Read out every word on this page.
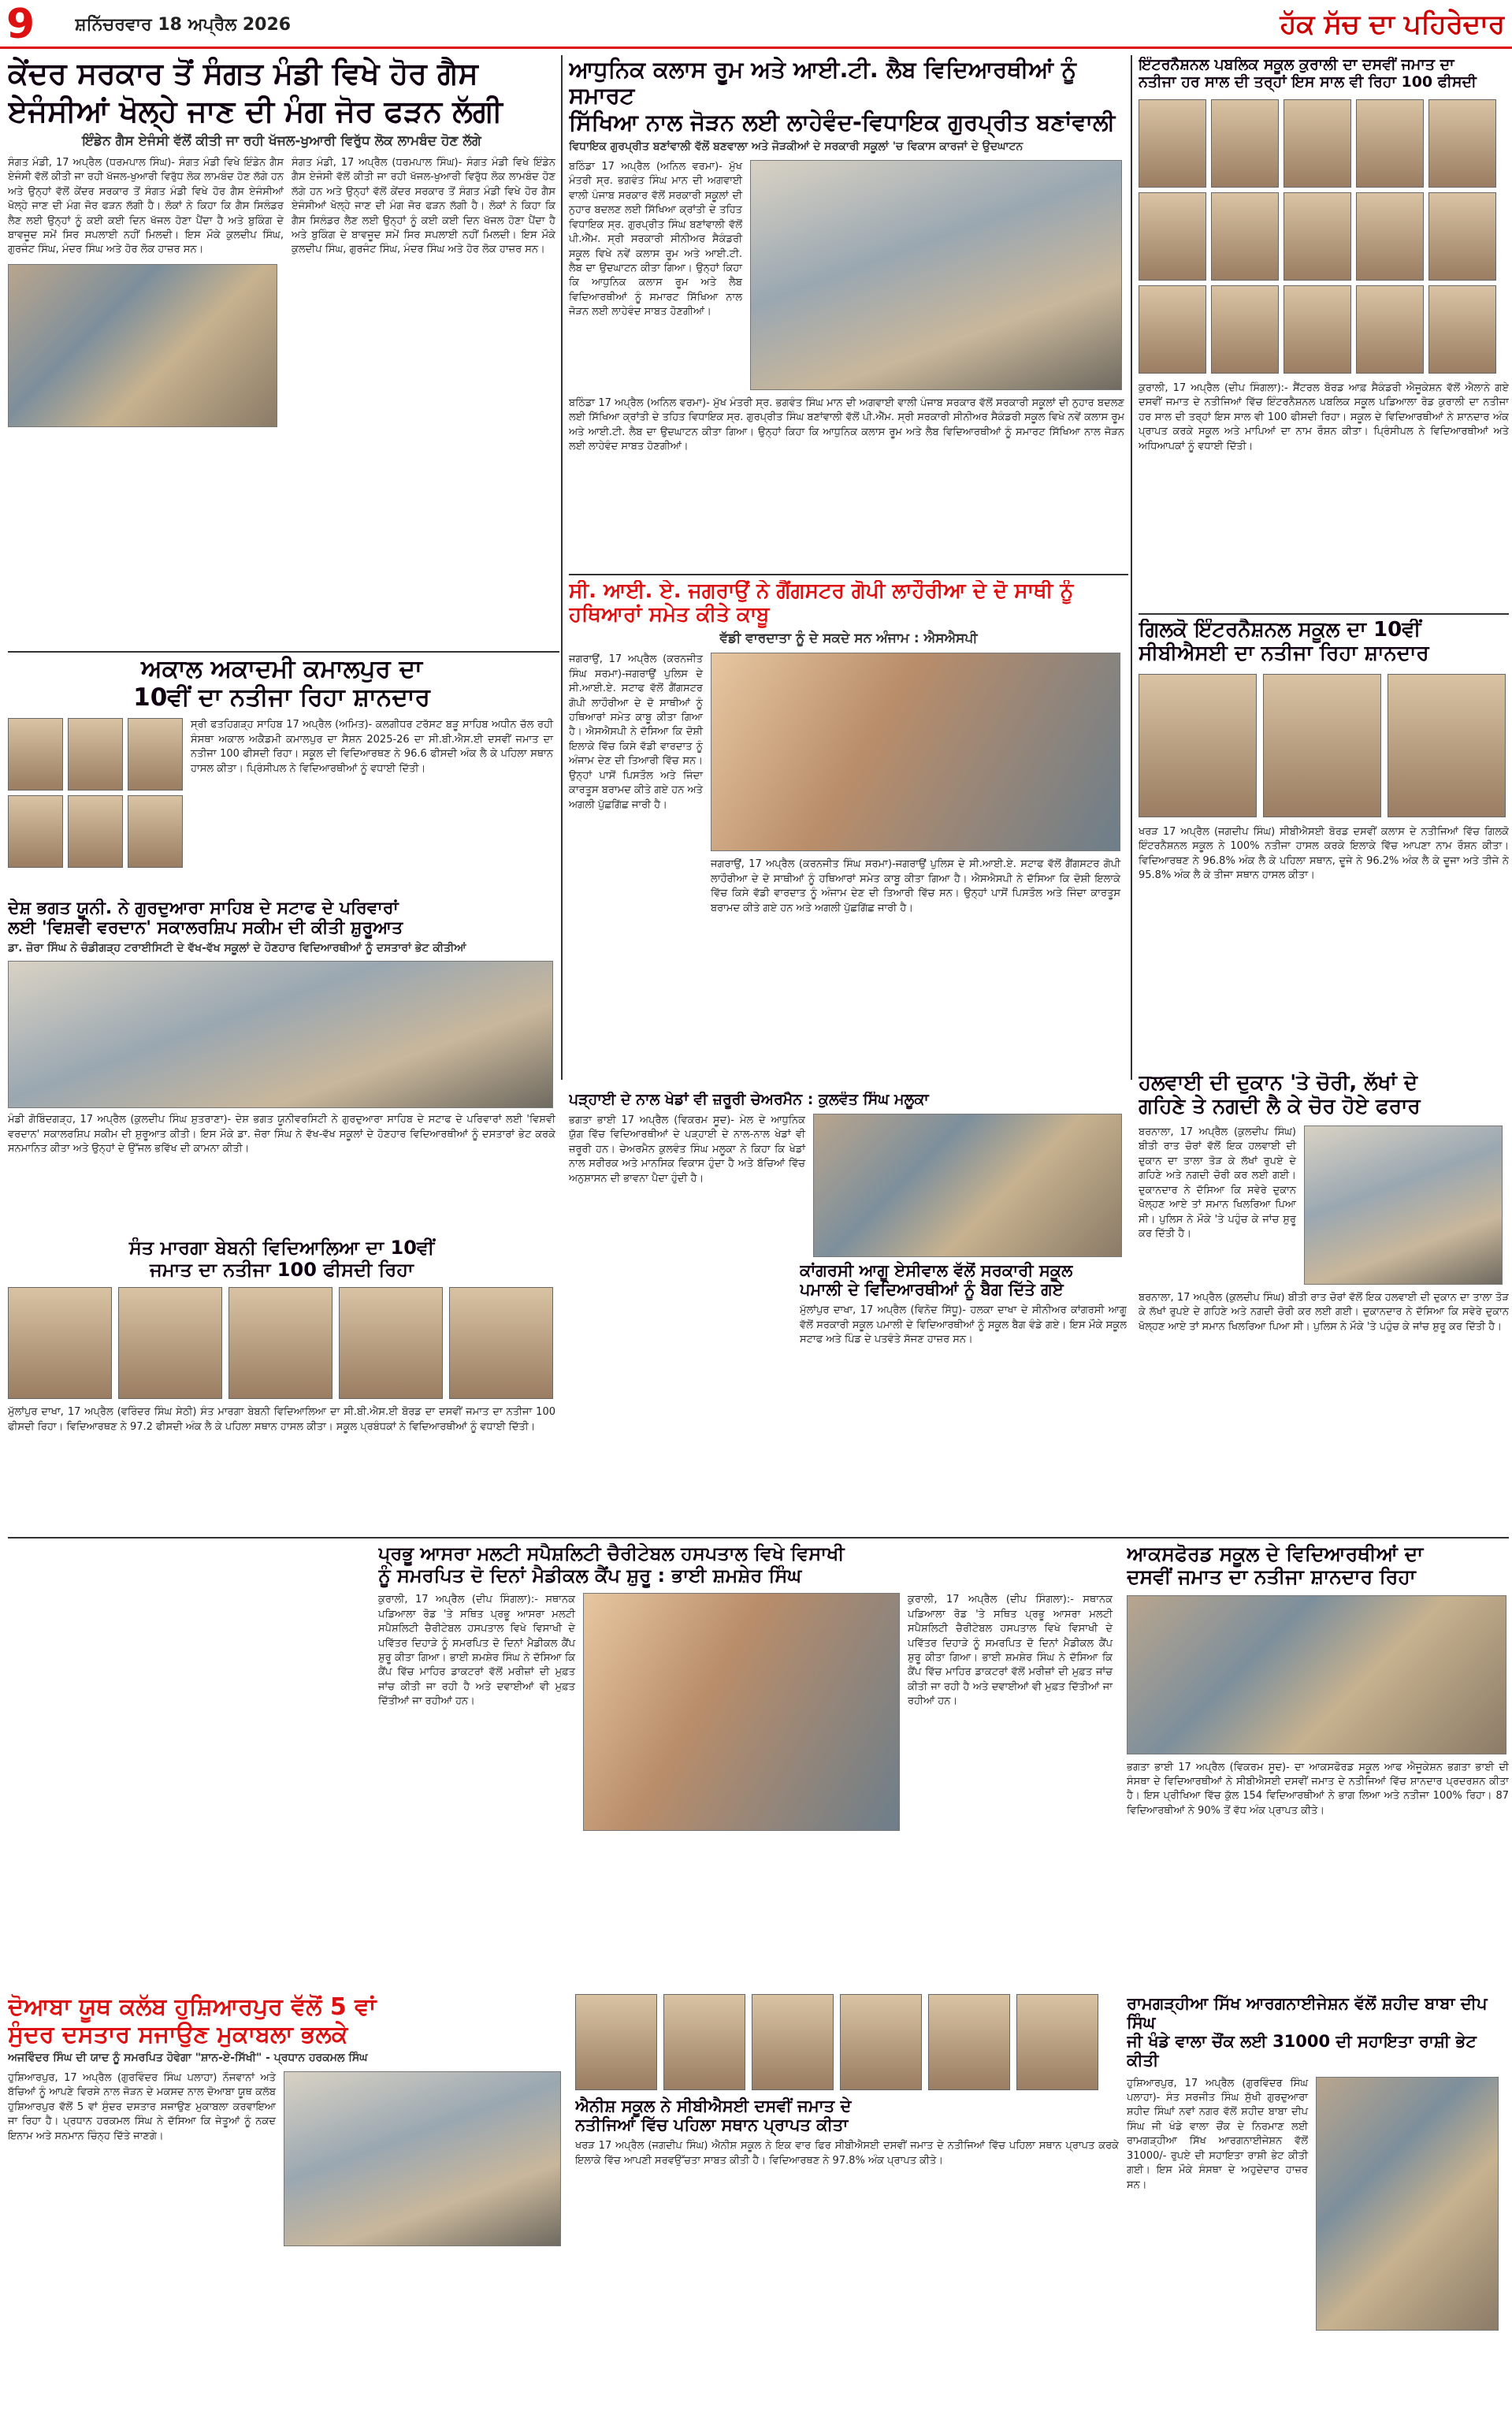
9	ਸ਼ਨਿੱਚਰਵਾਰ 18 ਅਪ੍ਰੈਲ 2026	ਹੱਕ ਸੱਚ ਦਾ ਪਹਿਰੇਦਾਰ
ਕੇਂਦਰ ਸਰਕਾਰ ਤੋਂ ਸੰਗਤ ਮੰਡੀ ਵਿਖੇ ਹੋਰ ਗੈਸ
ਏਜੰਸੀਆਂ ਖੋਲ੍ਹੇ ਜਾਣ ਦੀ ਮੰਗ ਜੋਰ ਫੜਨ ਲੱਗੀ
ਇੰਡੇਨ ਗੈਸ ਏਜੰਸੀ ਵੱਲੋਂ ਕੀਤੀ ਜਾ ਰਹੀ ਖੱਜਲ-ਖੁਆਰੀ ਵਿਰੁੱਧ ਲੋਕ ਲਾਮਬੰਦ ਹੋਣ ਲੱਗੇ
ਸੰਗਤ ਮੰਡੀ, 17 ਅਪ੍ਰੈਲ (ਧਰਮਪਾਲ ਸਿੰਘ)- ਸੰਗਤ ਮੰਡੀ ਵਿਖੇ ਇੰਡੇਨ ਗੈਸ ਏਜੰਸੀ ਵੱਲੋਂ ਕੀਤੀ ਜਾ ਰਹੀ ਖੱਜਲ-ਖੁਆਰੀ ਵਿਰੁੱਧ ਲੋਕ ਲਾਮਬੰਦ ਹੋਣ ਲੱਗੇ ਹਨ ਅਤੇ ਉਨ੍ਹਾਂ ਵੱਲੋਂ ਕੇਂਦਰ ਸਰਕਾਰ ਤੋਂ ਸੰਗਤ ਮੰਡੀ ਵਿਖੇ ਹੋਰ ਗੈਸ ਏਜੰਸੀਆਂ ਖੋਲ੍ਹੇ ਜਾਣ ਦੀ ਮੰਗ ਜੋਰ ਫੜਨ ਲੱਗੀ ਹੈ। ਲੋਕਾਂ ਨੇ ਕਿਹਾ ਕਿ ਗੈਸ ਸਿਲੰਡਰ ਲੈਣ ਲਈ ਉਨ੍ਹਾਂ ਨੂੰ ਕਈ ਕਈ ਦਿਨ ਖੱਜਲ ਹੋਣਾ ਪੈਂਦਾ ਹੈ ਅਤੇ ਬੁਕਿੰਗ ਦੇ ਬਾਵਜੂਦ ਸਮੇਂ ਸਿਰ ਸਪਲਾਈ ਨਹੀਂ ਮਿਲਦੀ। ਇਸ ਮੌਕੇ ਕੁਲਦੀਪ ਸਿੰਘ, ਗੁਰਜੰਟ ਸਿੰਘ, ਮੰਦਰ ਸਿੰਘ ਅਤੇ ਹੋਰ ਲੋਕ ਹਾਜ਼ਰ ਸਨ।
ਸੰਗਤ ਮੰਡੀ, 17 ਅਪ੍ਰੈਲ (ਧਰਮਪਾਲ ਸਿੰਘ)- ਸੰਗਤ ਮੰਡੀ ਵਿਖੇ ਇੰਡੇਨ ਗੈਸ ਏਜੰਸੀ ਵੱਲੋਂ ਕੀਤੀ ਜਾ ਰਹੀ ਖੱਜਲ-ਖੁਆਰੀ ਵਿਰੁੱਧ ਲੋਕ ਲਾਮਬੰਦ ਹੋਣ ਲੱਗੇ ਹਨ ਅਤੇ ਉਨ੍ਹਾਂ ਵੱਲੋਂ ਕੇਂਦਰ ਸਰਕਾਰ ਤੋਂ ਸੰਗਤ ਮੰਡੀ ਵਿਖੇ ਹੋਰ ਗੈਸ ਏਜੰਸੀਆਂ ਖੋਲ੍ਹੇ ਜਾਣ ਦੀ ਮੰਗ ਜੋਰ ਫੜਨ ਲੱਗੀ ਹੈ। ਲੋਕਾਂ ਨੇ ਕਿਹਾ ਕਿ ਗੈਸ ਸਿਲੰਡਰ ਲੈਣ ਲਈ ਉਨ੍ਹਾਂ ਨੂੰ ਕਈ ਕਈ ਦਿਨ ਖੱਜਲ ਹੋਣਾ ਪੈਂਦਾ ਹੈ ਅਤੇ ਬੁਕਿੰਗ ਦੇ ਬਾਵਜੂਦ ਸਮੇਂ ਸਿਰ ਸਪਲਾਈ ਨਹੀਂ ਮਿਲਦੀ। ਇਸ ਮੌਕੇ ਕੁਲਦੀਪ ਸਿੰਘ, ਗੁਰਜੰਟ ਸਿੰਘ, ਮੰਦਰ ਸਿੰਘ ਅਤੇ ਹੋਰ ਲੋਕ ਹਾਜ਼ਰ ਸਨ।
ਆਧੁਨਿਕ ਕਲਾਸ ਰੂਮ ਅਤੇ ਆਈ.ਟੀ. ਲੈਬ ਵਿਦਿਆਰਥੀਆਂ ਨੂੰ ਸਮਾਰਟ
ਸਿੱਖਿਆ ਨਾਲ ਜੋੜਨ ਲਈ ਲਾਹੇਵੰਦ-ਵਿਧਾਇਕ ਗੁਰਪ੍ਰੀਤ ਬਣਾਂਵਾਲੀ
ਵਿਧਾਇਕ ਗੁਰਪ੍ਰੀਤ ਬਣਾਂਵਾਲੀ ਵੱਲੋਂ ਬਣਵਾਲਾ ਅਤੇ ਜੋੜਕੀਆਂ ਦੇ ਸਰਕਾਰੀ ਸਕੂਲਾਂ 'ਚ ਵਿਕਾਸ ਕਾਰਜਾਂ ਦੇ ਉਦਘਾਟਨ
ਬਠਿੰਡਾ 17 ਅਪ੍ਰੈਲ (ਅਨਿਲ ਵਰਮਾ)- ਮੁੱਖ ਮੰਤਰੀ ਸ੍ਰ. ਭਗਵੰਤ ਸਿੰਘ ਮਾਨ ਦੀ ਅਗਵਾਈ ਵਾਲੀ ਪੰਜਾਬ ਸਰਕਾਰ ਵੱਲੋਂ ਸਰਕਾਰੀ ਸਕੂਲਾਂ ਦੀ ਨੁਹਾਰ ਬਦਲਣ ਲਈ ਸਿੱਖਿਆ ਕ੍ਰਾਂਤੀ ਦੇ ਤਹਿਤ ਵਿਧਾਇਕ ਸ੍ਰ. ਗੁਰਪ੍ਰੀਤ ਸਿੰਘ ਬਣਾਂਵਾਲੀ ਵੱਲੋਂ ਪੀ.ਐੱਮ. ਸ੍ਰੀ ਸਰਕਾਰੀ ਸੀਨੀਅਰ ਸੈਕੰਡਰੀ ਸਕੂਲ ਵਿਖੇ ਨਵੇਂ ਕਲਾਸ ਰੂਮ ਅਤੇ ਆਈ.ਟੀ. ਲੈਬ ਦਾ ਉਦਘਾਟਨ ਕੀਤਾ ਗਿਆ। ਉਨ੍ਹਾਂ ਕਿਹਾ ਕਿ ਆਧੁਨਿਕ ਕਲਾਸ ਰੂਮ ਅਤੇ ਲੈਬ ਵਿਦਿਆਰਥੀਆਂ ਨੂੰ ਸਮਾਰਟ ਸਿੱਖਿਆ ਨਾਲ ਜੋੜਨ ਲਈ ਲਾਹੇਵੰਦ ਸਾਬਤ ਹੋਣਗੀਆਂ।
ਬਠਿੰਡਾ 17 ਅਪ੍ਰੈਲ (ਅਨਿਲ ਵਰਮਾ)- ਮੁੱਖ ਮੰਤਰੀ ਸ੍ਰ. ਭਗਵੰਤ ਸਿੰਘ ਮਾਨ ਦੀ ਅਗਵਾਈ ਵਾਲੀ ਪੰਜਾਬ ਸਰਕਾਰ ਵੱਲੋਂ ਸਰਕਾਰੀ ਸਕੂਲਾਂ ਦੀ ਨੁਹਾਰ ਬਦਲਣ ਲਈ ਸਿੱਖਿਆ ਕ੍ਰਾਂਤੀ ਦੇ ਤਹਿਤ ਵਿਧਾਇਕ ਸ੍ਰ. ਗੁਰਪ੍ਰੀਤ ਸਿੰਘ ਬਣਾਂਵਾਲੀ ਵੱਲੋਂ ਪੀ.ਐੱਮ. ਸ੍ਰੀ ਸਰਕਾਰੀ ਸੀਨੀਅਰ ਸੈਕੰਡਰੀ ਸਕੂਲ ਵਿਖੇ ਨਵੇਂ ਕਲਾਸ ਰੂਮ ਅਤੇ ਆਈ.ਟੀ. ਲੈਬ ਦਾ ਉਦਘਾਟਨ ਕੀਤਾ ਗਿਆ। ਉਨ੍ਹਾਂ ਕਿਹਾ ਕਿ ਆਧੁਨਿਕ ਕਲਾਸ ਰੂਮ ਅਤੇ ਲੈਬ ਵਿਦਿਆਰਥੀਆਂ ਨੂੰ ਸਮਾਰਟ ਸਿੱਖਿਆ ਨਾਲ ਜੋੜਨ ਲਈ ਲਾਹੇਵੰਦ ਸਾਬਤ ਹੋਣਗੀਆਂ।
ਇੰਟਰਨੈਸ਼ਨਲ ਪਬਲਿਕ ਸਕੂਲ ਕੁਰਾਲੀ ਦਾ ਦਸਵੀਂ ਜਮਾਤ ਦਾ
ਨਤੀਜਾ ਹਰ ਸਾਲ ਦੀ ਤਰ੍ਹਾਂ ਇਸ ਸਾਲ ਵੀ ਰਿਹਾ 100 ਫੀਸਦੀ
ਕੁਰਾਲੀ, 17 ਅਪ੍ਰੈਲ (ਦੀਪ ਸਿੰਗਲਾ):- ਸੈਂਟਰਲ ਬੋਰਡ ਆਫ਼ ਸੈਕੰਡਰੀ ਐਜੂਕੇਸ਼ਨ ਵੱਲੋਂ ਐਲਾਨੇ ਗਏ ਦਸਵੀਂ ਜਮਾਤ ਦੇ ਨਤੀਜਿਆਂ ਵਿੱਚ ਇੰਟਰਨੈਸ਼ਨਲ ਪਬਲਿਕ ਸਕੂਲ ਪਡਿਆਲਾ ਰੋਡ ਕੁਰਾਲੀ ਦਾ ਨਤੀਜਾ ਹਰ ਸਾਲ ਦੀ ਤਰ੍ਹਾਂ ਇਸ ਸਾਲ ਵੀ 100 ਫੀਸਦੀ ਰਿਹਾ। ਸਕੂਲ ਦੇ ਵਿਦਿਆਰਥੀਆਂ ਨੇ ਸ਼ਾਨਦਾਰ ਅੰਕ ਪ੍ਰਾਪਤ ਕਰਕੇ ਸਕੂਲ ਅਤੇ ਮਾਪਿਆਂ ਦਾ ਨਾਮ ਰੌਸ਼ਨ ਕੀਤਾ। ਪ੍ਰਿੰਸੀਪਲ ਨੇ ਵਿਦਿਆਰਥੀਆਂ ਅਤੇ ਅਧਿਆਪਕਾਂ ਨੂੰ ਵਧਾਈ ਦਿੱਤੀ।
ਅਕਾਲ ਅਕਾਦਮੀ ਕਮਾਲਪੁਰ ਦਾ
10ਵੀਂ ਦਾ ਨਤੀਜਾ ਰਿਹਾ ਸ਼ਾਨਦਾਰ
ਸ੍ਰੀ ਫਤਹਿਗੜ੍ਹ ਸਾਹਿਬ 17 ਅਪ੍ਰੈਲ (ਅਮਿਤ)- ਕਲਗੀਧਰ ਟਰੱਸਟ ਬੜੂ ਸਾਹਿਬ ਅਧੀਨ ਚੱਲ ਰਹੀ ਸੰਸਥਾ ਅਕਾਲ ਅਕੈਡਮੀ ਕਮਾਲਪੁਰ ਦਾ ਸੈਸ਼ਨ 2025-26 ਦਾ ਸੀ.ਬੀ.ਐਸ.ਈ ਦਸਵੀਂ ਜਮਾਤ ਦਾ ਨਤੀਜਾ 100 ਫੀਸਦੀ ਰਿਹਾ। ਸਕੂਲ ਦੀ ਵਿਦਿਆਰਥਣ ਨੇ 96.6 ਫੀਸਦੀ ਅੰਕ ਲੈ ਕੇ ਪਹਿਲਾ ਸਥਾਨ ਹਾਸਲ ਕੀਤਾ। ਪ੍ਰਿੰਸੀਪਲ ਨੇ ਵਿਦਿਆਰਥੀਆਂ ਨੂੰ ਵਧਾਈ ਦਿੱਤੀ।
ਸੀ. ਆਈ. ਏ. ਜਗਰਾਉਂ ਨੇ ਗੈਂਗਸਟਰ ਗੋਪੀ ਲਾਹੌਰੀਆ ਦੇ ਦੋ ਸਾਥੀ ਨੂੰ ਹਥਿਆਰਾਂ ਸਮੇਤ ਕੀਤੇ ਕਾਬੂ
ਵੱਡੀ ਵਾਰਦਾਤਾ ਨੂੰ ਦੇ ਸਕਦੇ ਸਨ ਅੰਜਾਮ : ਐਸਐਸਪੀ
ਜਗਰਾਉਂ, 17 ਅਪ੍ਰੈਲ (ਕਰਨਜੀਤ ਸਿੰਘ ਸਰਮਾ)-ਜਗਰਾਉਂ ਪੁਲਿਸ ਦੇ ਸੀ.ਆਈ.ਏ. ਸਟਾਫ ਵੱਲੋਂ ਗੈਂਗਸਟਰ ਗੋਪੀ ਲਾਹੌਰੀਆ ਦੇ ਦੋ ਸਾਥੀਆਂ ਨੂੰ ਹਥਿਆਰਾਂ ਸਮੇਤ ਕਾਬੂ ਕੀਤਾ ਗਿਆ ਹੈ। ਐਸਐਸਪੀ ਨੇ ਦੱਸਿਆ ਕਿ ਦੋਸ਼ੀ ਇਲਾਕੇ ਵਿੱਚ ਕਿਸੇ ਵੱਡੀ ਵਾਰਦਾਤ ਨੂੰ ਅੰਜਾਮ ਦੇਣ ਦੀ ਤਿਆਰੀ ਵਿੱਚ ਸਨ। ਉਨ੍ਹਾਂ ਪਾਸੋਂ ਪਿਸਤੌਲ ਅਤੇ ਜਿੰਦਾ ਕਾਰਤੂਸ ਬਰਾਮਦ ਕੀਤੇ ਗਏ ਹਨ ਅਤੇ ਅਗਲੀ ਪੁੱਛਗਿੱਛ ਜਾਰੀ ਹੈ।
ਜਗਰਾਉਂ, 17 ਅਪ੍ਰੈਲ (ਕਰਨਜੀਤ ਸਿੰਘ ਸਰਮਾ)-ਜਗਰਾਉਂ ਪੁਲਿਸ ਦੇ ਸੀ.ਆਈ.ਏ. ਸਟਾਫ ਵੱਲੋਂ ਗੈਂਗਸਟਰ ਗੋਪੀ ਲਾਹੌਰੀਆ ਦੇ ਦੋ ਸਾਥੀਆਂ ਨੂੰ ਹਥਿਆਰਾਂ ਸਮੇਤ ਕਾਬੂ ਕੀਤਾ ਗਿਆ ਹੈ। ਐਸਐਸਪੀ ਨੇ ਦੱਸਿਆ ਕਿ ਦੋਸ਼ੀ ਇਲਾਕੇ ਵਿੱਚ ਕਿਸੇ ਵੱਡੀ ਵਾਰਦਾਤ ਨੂੰ ਅੰਜਾਮ ਦੇਣ ਦੀ ਤਿਆਰੀ ਵਿੱਚ ਸਨ। ਉਨ੍ਹਾਂ ਪਾਸੋਂ ਪਿਸਤੌਲ ਅਤੇ ਜਿੰਦਾ ਕਾਰਤੂਸ ਬਰਾਮਦ ਕੀਤੇ ਗਏ ਹਨ ਅਤੇ ਅਗਲੀ ਪੁੱਛਗਿੱਛ ਜਾਰੀ ਹੈ।
ਗਿਲਕੋ ਇੰਟਰਨੈਸ਼ਨਲ ਸਕੂਲ ਦਾ 10ਵੀਂ
ਸੀਬੀਐਸਈ ਦਾ ਨਤੀਜਾ ਰਿਹਾ ਸ਼ਾਨਦਾਰ
ਖਰੜ 17 ਅਪ੍ਰੈਲ (ਜਗਦੀਪ ਸਿੰਘ) ਸੀਬੀਐਸਈ ਬੋਰਡ ਦਸਵੀਂ ਕਲਾਸ ਦੇ ਨਤੀਜਿਆਂ ਵਿੱਚ ਗਿਲਕੋ ਇੰਟਰਨੈਸ਼ਨਲ ਸਕੂਲ ਨੇ 100% ਨਤੀਜਾ ਹਾਸਲ ਕਰਕੇ ਇਲਾਕੇ ਵਿੱਚ ਆਪਣਾ ਨਾਮ ਰੌਸ਼ਨ ਕੀਤਾ। ਵਿਦਿਆਰਥਣ ਨੇ 96.8% ਅੰਕ ਲੈ ਕੇ ਪਹਿਲਾ ਸਥਾਨ, ਦੂਜੇ ਨੇ 96.2% ਅੰਕ ਲੈ ਕੇ ਦੂਜਾ ਅਤੇ ਤੀਜੇ ਨੇ 95.8% ਅੰਕ ਲੈ ਕੇ ਤੀਜਾ ਸਥਾਨ ਹਾਸਲ ਕੀਤਾ।
ਦੇਸ਼ ਭਗਤ ਯੂਨੀ. ਨੇ ਗੁਰਦੁਆਰਾ ਸਾਹਿਬ ਦੇ ਸਟਾਫ ਦੇ ਪਰਿਵਾਰਾਂ
ਲਈ 'ਵਿਸ਼ਵੀ ਵਰਦਾਨ' ਸਕਾਲਰਸ਼ਿਪ ਸਕੀਮ ਦੀ ਕੀਤੀ ਸ਼ੁਰੂਆਤ
ਡਾ. ਜ਼ੋਰਾ ਸਿੰਘ ਨੇ ਚੰਡੀਗੜ੍ਹ ਟਰਾਈਸਿਟੀ ਦੇ ਵੱਖ-ਵੱਖ ਸਕੂਲਾਂ ਦੇ ਹੋਣਹਾਰ ਵਿਦਿਆਰਥੀਆਂ ਨੂੰ ਦਸਤਾਰਾਂ ਭੇਟ ਕੀਤੀਆਂ
ਮੰਡੀ ਗੋਬਿੰਦਗੜ੍ਹ, 17 ਅਪ੍ਰੈਲ (ਕੁਲਦੀਪ ਸਿੰਘ ਸ਼ੁਤਰਾਣਾ)- ਦੇਸ਼ ਭਗਤ ਯੂਨੀਵਰਸਿਟੀ ਨੇ ਗੁਰਦੁਆਰਾ ਸਾਹਿਬ ਦੇ ਸਟਾਫ ਦੇ ਪਰਿਵਾਰਾਂ ਲਈ 'ਵਿਸ਼ਵੀ ਵਰਦਾਨ' ਸਕਾਲਰਸ਼ਿਪ ਸਕੀਮ ਦੀ ਸ਼ੁਰੂਆਤ ਕੀਤੀ। ਇਸ ਮੌਕੇ ਡਾ. ਜ਼ੋਰਾ ਸਿੰਘ ਨੇ ਵੱਖ-ਵੱਖ ਸਕੂਲਾਂ ਦੇ ਹੋਣਹਾਰ ਵਿਦਿਆਰਥੀਆਂ ਨੂੰ ਦਸਤਾਰਾਂ ਭੇਟ ਕਰਕੇ ਸਨਮਾਨਿਤ ਕੀਤਾ ਅਤੇ ਉਨ੍ਹਾਂ ਦੇ ਉੱਜਲ ਭਵਿੱਖ ਦੀ ਕਾਮਨਾ ਕੀਤੀ।
ਪੜ੍ਹਾਈ ਦੇ ਨਾਲ ਖੇਡਾਂ ਵੀ ਜ਼ਰੂਰੀ ਚੇਅਰਮੈਨ : ਕੁਲਵੰਤ ਸਿੰਘ ਮਲੂਕਾ
ਭਗਤਾ ਭਾਈ 17 ਅਪ੍ਰੈਲ (ਵਿਕਰਮ ਸੂਦ)- ਮੇਲ ਦੇ ਆਧੁਨਿਕ ਯੁੱਗ ਵਿੱਚ ਵਿਦਿਆਰਥੀਆਂ ਦੇ ਪੜ੍ਹਾਈ ਦੇ ਨਾਲ-ਨਾਲ ਖੇਡਾਂ ਵੀ ਜ਼ਰੂਰੀ ਹਨ। ਚੇਅਰਮੈਨ ਕੁਲਵੰਤ ਸਿੰਘ ਮਲੂਕਾ ਨੇ ਕਿਹਾ ਕਿ ਖੇਡਾਂ ਨਾਲ ਸਰੀਰਕ ਅਤੇ ਮਾਨਸਿਕ ਵਿਕਾਸ ਹੁੰਦਾ ਹੈ ਅਤੇ ਬੱਚਿਆਂ ਵਿੱਚ ਅਨੁਸ਼ਾਸਨ ਦੀ ਭਾਵਨਾ ਪੈਦਾ ਹੁੰਦੀ ਹੈ।
ਹਲਵਾਈ ਦੀ ਦੁਕਾਨ 'ਤੇ ਚੋਰੀ, ਲੱਖਾਂ ਦੇ
ਗਹਿਣੇ ਤੇ ਨਗਦੀ ਲੈ ਕੇ ਚੋਰ ਹੋਏ ਫਰਾਰ
ਬਰਨਾਲਾ, 17 ਅਪ੍ਰੈਲ (ਕੁਲਦੀਪ ਸਿੰਘ) ਬੀਤੀ ਰਾਤ ਚੋਰਾਂ ਵੱਲੋਂ ਇਕ ਹਲਵਾਈ ਦੀ ਦੁਕਾਨ ਦਾ ਤਾਲਾ ਤੋੜ ਕੇ ਲੱਖਾਂ ਰੁਪਏ ਦੇ ਗਹਿਣੇ ਅਤੇ ਨਗਦੀ ਚੋਰੀ ਕਰ ਲਈ ਗਈ। ਦੁਕਾਨਦਾਰ ਨੇ ਦੱਸਿਆ ਕਿ ਸਵੇਰੇ ਦੁਕਾਨ ਖੋਲ੍ਹਣ ਆਏ ਤਾਂ ਸਮਾਨ ਖਿਲਰਿਆ ਪਿਆ ਸੀ। ਪੁਲਿਸ ਨੇ ਮੌਕੇ 'ਤੇ ਪਹੁੰਚ ਕੇ ਜਾਂਚ ਸ਼ੁਰੂ ਕਰ ਦਿੱਤੀ ਹੈ।
ਬਰਨਾਲਾ, 17 ਅਪ੍ਰੈਲ (ਕੁਲਦੀਪ ਸਿੰਘ) ਬੀਤੀ ਰਾਤ ਚੋਰਾਂ ਵੱਲੋਂ ਇਕ ਹਲਵਾਈ ਦੀ ਦੁਕਾਨ ਦਾ ਤਾਲਾ ਤੋੜ ਕੇ ਲੱਖਾਂ ਰੁਪਏ ਦੇ ਗਹਿਣੇ ਅਤੇ ਨਗਦੀ ਚੋਰੀ ਕਰ ਲਈ ਗਈ। ਦੁਕਾਨਦਾਰ ਨੇ ਦੱਸਿਆ ਕਿ ਸਵੇਰੇ ਦੁਕਾਨ ਖੋਲ੍ਹਣ ਆਏ ਤਾਂ ਸਮਾਨ ਖਿਲਰਿਆ ਪਿਆ ਸੀ। ਪੁਲਿਸ ਨੇ ਮੌਕੇ 'ਤੇ ਪਹੁੰਚ ਕੇ ਜਾਂਚ ਸ਼ੁਰੂ ਕਰ ਦਿੱਤੀ ਹੈ।
ਕਾਂਗਰਸੀ ਆਗੂ ਏਸੀਵਾਲ ਵੱਲੋਂ ਸਰਕਾਰੀ ਸਕੂਲ
ਪਮਾਲੀ ਦੇ ਵਿਦਿਆਰਥੀਆਂ ਨੂੰ ਬੈਗ ਦਿੱਤੇ ਗਏ
ਮੁੱਲਾਂਪੁਰ ਦਾਖਾ, 17 ਅਪ੍ਰੈਲ (ਵਿਨੋਦ ਸਿੱਧੂ)- ਹਲਕਾ ਦਾਖਾ ਦੇ ਸੀਨੀਅਰ ਕਾਂਗਰਸੀ ਆਗੂ ਵੱਲੋਂ ਸਰਕਾਰੀ ਸਕੂਲ ਪਮਾਲੀ ਦੇ ਵਿਦਿਆਰਥੀਆਂ ਨੂੰ ਸਕੂਲ ਬੈਗ ਵੰਡੇ ਗਏ। ਇਸ ਮੌਕੇ ਸਕੂਲ ਸਟਾਫ ਅਤੇ ਪਿੰਡ ਦੇ ਪਤਵੰਤੇ ਸੱਜਣ ਹਾਜ਼ਰ ਸਨ।
ਸੰਤ ਮਾਰਗਾ ਬੇਬਨੀ ਵਿਦਿਆਲਿਆ ਦਾ 10ਵੀਂ
ਜਮਾਤ ਦਾ ਨਤੀਜਾ 100 ਫੀਸਦੀ ਰਿਹਾ
ਮੁੱਲਾਂਪੁਰ ਦਾਖਾ, 17 ਅਪ੍ਰੈਲ (ਵਰਿੰਦਰ ਸਿੰਘ ਸੇਠੀ) ਸੰਤ ਮਾਰਗਾ ਬੇਬਨੀ ਵਿਦਿਆਲਿਆ ਦਾ ਸੀ.ਬੀ.ਐਸ.ਈ ਬੋਰਡ ਦਾ ਦਸਵੀਂ ਜਮਾਤ ਦਾ ਨਤੀਜਾ 100 ਫੀਸਦੀ ਰਿਹਾ। ਵਿਦਿਆਰਥਣ ਨੇ 97.2 ਫੀਸਦੀ ਅੰਕ ਲੈ ਕੇ ਪਹਿਲਾ ਸਥਾਨ ਹਾਸਲ ਕੀਤਾ। ਸਕੂਲ ਪ੍ਰਬੰਧਕਾਂ ਨੇ ਵਿਦਿਆਰਥੀਆਂ ਨੂੰ ਵਧਾਈ ਦਿੱਤੀ।
ਪ੍ਰਭੂ ਆਸਰਾ ਮਲਟੀ ਸਪੈਸ਼ਲਿਟੀ ਚੈਰੀਟੇਬਲ ਹਸਪਤਾਲ ਵਿਖੇ ਵਿਸਾਖੀ
ਨੂੰ ਸਮਰਪਿਤ ਦੋ ਦਿਨਾਂ ਮੈਡੀਕਲ ਕੈਂਪ ਸ਼ੁਰੂ : ਭਾਈ ਸ਼ਮਸ਼ੇਰ ਸਿੰਘ
ਕੁਰਾਲੀ, 17 ਅਪ੍ਰੈਲ (ਦੀਪ ਸਿੰਗਲਾ):- ਸਥਾਨਕ ਪਡਿਆਲਾ ਰੋਡ 'ਤੇ ਸਥਿਤ ਪ੍ਰਭੂ ਆਸਰਾ ਮਲਟੀ ਸਪੈਸ਼ਲਿਟੀ ਚੈਰੀਟੇਬਲ ਹਸਪਤਾਲ ਵਿਖੇ ਵਿਸਾਖੀ ਦੇ ਪਵਿੱਤਰ ਦਿਹਾੜੇ ਨੂੰ ਸਮਰਪਿਤ ਦੋ ਦਿਨਾਂ ਮੈਡੀਕਲ ਕੈਂਪ ਸ਼ੁਰੂ ਕੀਤਾ ਗਿਆ। ਭਾਈ ਸ਼ਮਸ਼ੇਰ ਸਿੰਘ ਨੇ ਦੱਸਿਆ ਕਿ ਕੈਂਪ ਵਿੱਚ ਮਾਹਿਰ ਡਾਕਟਰਾਂ ਵੱਲੋਂ ਮਰੀਜ਼ਾਂ ਦੀ ਮੁਫ਼ਤ ਜਾਂਚ ਕੀਤੀ ਜਾ ਰਹੀ ਹੈ ਅਤੇ ਦਵਾਈਆਂ ਵੀ ਮੁਫ਼ਤ ਦਿੱਤੀਆਂ ਜਾ ਰਹੀਆਂ ਹਨ।
ਕੁਰਾਲੀ, 17 ਅਪ੍ਰੈਲ (ਦੀਪ ਸਿੰਗਲਾ):- ਸਥਾਨਕ ਪਡਿਆਲਾ ਰੋਡ 'ਤੇ ਸਥਿਤ ਪ੍ਰਭੂ ਆਸਰਾ ਮਲਟੀ ਸਪੈਸ਼ਲਿਟੀ ਚੈਰੀਟੇਬਲ ਹਸਪਤਾਲ ਵਿਖੇ ਵਿਸਾਖੀ ਦੇ ਪਵਿੱਤਰ ਦਿਹਾੜੇ ਨੂੰ ਸਮਰਪਿਤ ਦੋ ਦਿਨਾਂ ਮੈਡੀਕਲ ਕੈਂਪ ਸ਼ੁਰੂ ਕੀਤਾ ਗਿਆ। ਭਾਈ ਸ਼ਮਸ਼ੇਰ ਸਿੰਘ ਨੇ ਦੱਸਿਆ ਕਿ ਕੈਂਪ ਵਿੱਚ ਮਾਹਿਰ ਡਾਕਟਰਾਂ ਵੱਲੋਂ ਮਰੀਜ਼ਾਂ ਦੀ ਮੁਫ਼ਤ ਜਾਂਚ ਕੀਤੀ ਜਾ ਰਹੀ ਹੈ ਅਤੇ ਦਵਾਈਆਂ ਵੀ ਮੁਫ਼ਤ ਦਿੱਤੀਆਂ ਜਾ ਰਹੀਆਂ ਹਨ।
ਆਕਸਫੋਰਡ ਸਕੂਲ ਦੇ ਵਿਦਿਆਰਥੀਆਂ ਦਾ
ਦਸਵੀਂ ਜਮਾਤ ਦਾ ਨਤੀਜਾ ਸ਼ਾਨਦਾਰ ਰਿਹਾ
ਭਗਤਾ ਭਾਈ 17 ਅਪ੍ਰੈਲ (ਵਿਕਰਮ ਸੂਦ)- ਦਾ ਆਕਸਫੋਰਡ ਸਕੂਲ ਆਫ ਐਜੂਕੇਸ਼ਨ ਭਗਤਾ ਭਾਈ ਦੀ ਸੰਸਥਾ ਦੇ ਵਿਦਿਆਰਥੀਆਂ ਨੇ ਸੀਬੀਐਸਈ ਦਸਵੀਂ ਜਮਾਤ ਦੇ ਨਤੀਜਿਆਂ ਵਿੱਚ ਸ਼ਾਨਦਾਰ ਪ੍ਰਦਰਸ਼ਨ ਕੀਤਾ ਹੈ। ਇਸ ਪ੍ਰੀਖਿਆ ਵਿੱਚ ਕੁੱਲ 154 ਵਿਦਿਆਰਥੀਆਂ ਨੇ ਭਾਗ ਲਿਆ ਅਤੇ ਨਤੀਜਾ 100% ਰਿਹਾ। 87 ਵਿਦਿਆਰਥੀਆਂ ਨੇ 90% ਤੋਂ ਵੱਧ ਅੰਕ ਪ੍ਰਾਪਤ ਕੀਤੇ।
ਦੋਆਬਾ ਯੂਥ ਕਲੱਬ ਹੁਸ਼ਿਆਰਪੁਰ ਵੱਲੋਂ 5 ਵਾਂ
ਸੁੰਦਰ ਦਸਤਾਰ ਸਜਾਉਣ ਮੁਕਾਬਲਾ ਭਲਕੇ
ਅਜਵਿੰਦਰ ਸਿੰਘ ਦੀ ਯਾਦ ਨੂੰ ਸਮਰਪਿਤ ਹੋਵੇਗਾ "ਸ਼ਾਨ-ਏ-ਸਿੱਖੀ" - ਪ੍ਰਧਾਨ ਹਰਕਮਲ ਸਿੰਘ
ਹੁਸ਼ਿਆਰਪੁਰ, 17 ਅਪ੍ਰੈਲ (ਗੁਰਵਿੰਦਰ ਸਿੰਘ ਪਲਾਹਾ) ਨੌਜਵਾਨਾਂ ਅਤੇ ਬੱਚਿਆਂ ਨੂੰ ਆਪਣੇ ਵਿਰਸੇ ਨਾਲ ਜੋੜਨ ਦੇ ਮਕਸਦ ਨਾਲ ਦੋਆਬਾ ਯੂਥ ਕਲੱਬ ਹੁਸ਼ਿਆਰਪੁਰ ਵੱਲੋਂ 5 ਵਾਂ ਸੁੰਦਰ ਦਸਤਾਰ ਸਜਾਉਣ ਮੁਕਾਬਲਾ ਕਰਵਾਇਆ ਜਾ ਰਿਹਾ ਹੈ। ਪ੍ਰਧਾਨ ਹਰਕਮਲ ਸਿੰਘ ਨੇ ਦੱਸਿਆ ਕਿ ਜੇਤੂਆਂ ਨੂੰ ਨਕਦ ਇਨਾਮ ਅਤੇ ਸਨਮਾਨ ਚਿੰਨ੍ਹ ਦਿੱਤੇ ਜਾਣਗੇ।
ਐਨੀਸ਼ ਸਕੂਲ ਨੇ ਸੀਬੀਐਸਈ ਦਸਵੀਂ ਜਮਾਤ ਦੇ
ਨਤੀਜਿਆਂ ਵਿੱਚ ਪਹਿਲਾ ਸਥਾਨ ਪ੍ਰਾਪਤ ਕੀਤਾ
ਖਰੜ 17 ਅਪ੍ਰੈਲ (ਜਗਦੀਪ ਸਿੰਘ) ਐਨੀਸ਼ ਸਕੂਲ ਨੇ ਇਕ ਵਾਰ ਫਿਰ ਸੀਬੀਐਸਈ ਦਸਵੀਂ ਜਮਾਤ ਦੇ ਨਤੀਜਿਆਂ ਵਿੱਚ ਪਹਿਲਾ ਸਥਾਨ ਪ੍ਰਾਪਤ ਕਰਕੇ ਇਲਾਕੇ ਵਿੱਚ ਆਪਣੀ ਸਰਵਉੱਚਤਾ ਸਾਬਤ ਕੀਤੀ ਹੈ। ਵਿਦਿਆਰਥਣ ਨੇ 97.8% ਅੰਕ ਪ੍ਰਾਪਤ ਕੀਤੇ।
ਰਾਮਗੜ੍ਹੀਆ ਸਿੱਖ ਆਰਗਨਾਈਜੇਸ਼ਨ ਵੱਲੋਂ ਸ਼ਹੀਦ ਬਾਬਾ ਦੀਪ ਸਿੰਘ
ਜੀ ਖੰਡੇ ਵਾਲਾ ਚੌਂਕ ਲਈ 31000 ਦੀ ਸਹਾਇਤਾ ਰਾਸ਼ੀ ਭੇਟ ਕੀਤੀ
ਹੁਸ਼ਿਆਰਪੁਰ, 17 ਅਪ੍ਰੈਲ (ਗੁਰਵਿੰਦਰ ਸਿੰਘ ਪਲਾਹਾ)- ਸੰਤ ਸਰਜੀਤ ਸਿੰਘ ਸੁੱਖੀ ਗੁਰਦੁਆਰਾ ਸ਼ਹੀਦ ਸਿੰਘਾਂ ਨਵਾਂ ਨਗਰ ਵੱਲੋਂ ਸ਼ਹੀਦ ਬਾਬਾ ਦੀਪ ਸਿੰਘ ਜੀ ਖੰਡੇ ਵਾਲਾ ਚੌਂਕ ਦੇ ਨਿਰਮਾਣ ਲਈ ਰਾਮਗੜ੍ਹੀਆ ਸਿੱਖ ਆਰਗਨਾਈਜੇਸ਼ਨ ਵੱਲੋਂ 31000/- ਰੁਪਏ ਦੀ ਸਹਾਇਤਾ ਰਾਸ਼ੀ ਭੇਟ ਕੀਤੀ ਗਈ। ਇਸ ਮੌਕੇ ਸੰਸਥਾ ਦੇ ਅਹੁਦੇਦਾਰ ਹਾਜ਼ਰ ਸਨ।
